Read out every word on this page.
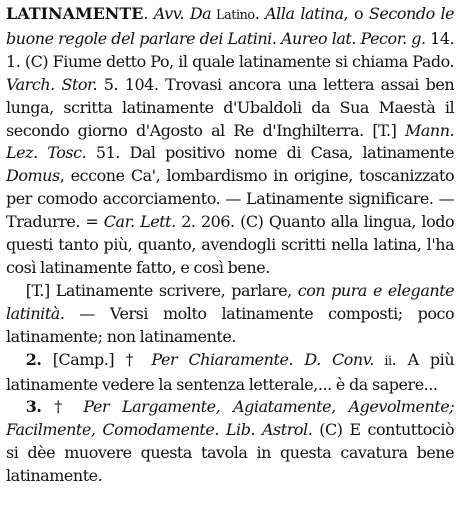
LATINAMENTE. Avv. Da Latino. Alla latina, o Secondo le buone regole del parlare dei Latini. Aureo lat. Pecor. g. 14. 1. (C) Fiume detto Po, il quale latinamente si chiama Pado. Varch. Stor. 5. 104. Trovasi ancora una lettera assai ben lunga, scritta latinamente d'Ubaldoli da Sua Maestà il secondo giorno d'Agosto al Re d'Inghilterra. [T.] Mann. Lez. Tosc. 51. Dal positivo nome di Casa, latinamente Domus, eccone Ca', lombardismo in origine, toscanizzato per comodo accorciamento. — Latinamente significare. — Tradurre. = Car. Lett. 2. 206. (C) Quanto alla lingua, lodo questi tanto più, quanto, avendogli scritti nella latina, l'ha così latinamente fatto, e così bene.

[T.] Latinamente scrivere, parlare, con pura e elegante latinità. — Versi molto latinamente composti; poco latinamente; non latinamente.

2. [Camp.] † Per Chiaramente. D. Conv. ii. A più latinamente vedere la sentenza letterale,... è da sapere...

3. † Per Largamente, Agiatamente, Agevolmente; Facilmente, Comodamente. Lib. Astrol. (C) E contuttociò si dèe muovere questa tavola in questa cavatura bene latinamente.
